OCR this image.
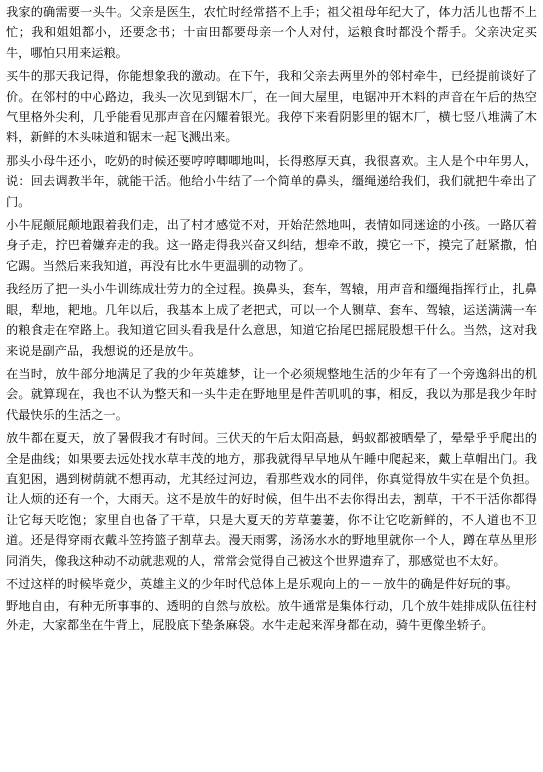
我家的确需要一头牛。父亲是医生，农忙时经常搭不上手；祖父祖母年纪大了，体力活儿也帮不上忙；我和姐姐都小，还要念书；十亩田都要母亲一个人对付，运粮食时都没个帮手。父亲决定买牛，哪怕只用来运粮。

买牛的那天我记得，你能想象我的激动。在下午，我和父亲去两里外的邻村牵牛，已经提前谈好了价。在邻村的中心路边，我头一次见到锯木厂，在一间大屋里，电锯冲开木料的声音在午后的热空气里格外尖利，几乎能看见那声音在闪耀着银光。我停下来看阴影里的锯木厂，横七竖八堆满了木料，新鲜的木头味道和锯末一起飞溅出来。

那头小母牛还小，吃奶的时候还要哼哼唧唧地叫，长得憨厚天真，我很喜欢。主人是个中年男人，说：回去调教半年，就能干活。他给小牛结了一个简单的鼻头，缰绳递给我们，我们就把牛牵出了门。

小牛屁颠屁颠地跟着我们走，出了村才感觉不对，开始茫然地叫，表情如同迷途的小孩。一路仄着身子走，拧巴着嫌弃走的我。这一路走得我兴奋又纠结，想牵不敢，摸它一下，摸完了赶紧撒，怕它踢。当然后来我知道，再没有比水牛更温驯的动物了。

我经历了把一头小牛训练成壮劳力的全过程。换鼻头，套车，驾辕，用声音和缰绳指挥行止，扎鼻眼，犁地，耙地。几年以后，我基本上成了老把式，可以一个人铡草、套车、驾辕，运送满满一车的粮食走在窄路上。我知道它回头看我是什么意思，知道它抬尾巴摇屁股想干什么。当然，这对我来说是副产品，我想说的还是放牛。

在当时，放牛部分地满足了我的少年英雄梦，让一个必须规整地生活的少年有了一个旁逸斜出的机会。就算现在，我也不认为整天和一头牛走在野地里是件苦叽叽的事，相反，我以为那是我少年时代最快乐的生活之一。

放牛都在夏天，放了暑假我才有时间。三伏天的午后太阳高悬，蚂蚁都被晒晕了，晕晕乎乎爬出的全是曲线；如果要去远处找水草丰茂的地方，那我就得早早地从午睡中爬起来，戴上草帽出门。我直犯困，遇到树荫就不想再动，尤其经过河边，看那些戏水的同伴，你真觉得放牛实在是个负担。让人烦的还有一个，大雨天。这不是放牛的好时候，但牛出不去你得出去，割草，干不干活你都得让它每天吃饱；家里自也备了干草，只是大夏天的芳草萋萋，你不让它吃新鲜的，不人道也不卫道。还是得穿雨衣戴斗笠挎篮子割草去。漫天雨雾，汤汤水水的野地里就你一个人，蹲在草丛里形同消失，像我这种动不动就悲观的人，常常会觉得自己被这个世界遗弃了，那感觉也不太好。

不过这样的时候毕竟少，英雄主义的少年时代总体上是乐观向上的－－放牛的确是件好玩的事。

野地自由，有种无所事事的、透明的自然与放松。放牛通常是集体行动，几个放牛娃排成队伍往村外走，大家都坐在牛背上，屁股底下垫条麻袋。水牛走起来浑身都在动，骑牛更像坐轿子。
